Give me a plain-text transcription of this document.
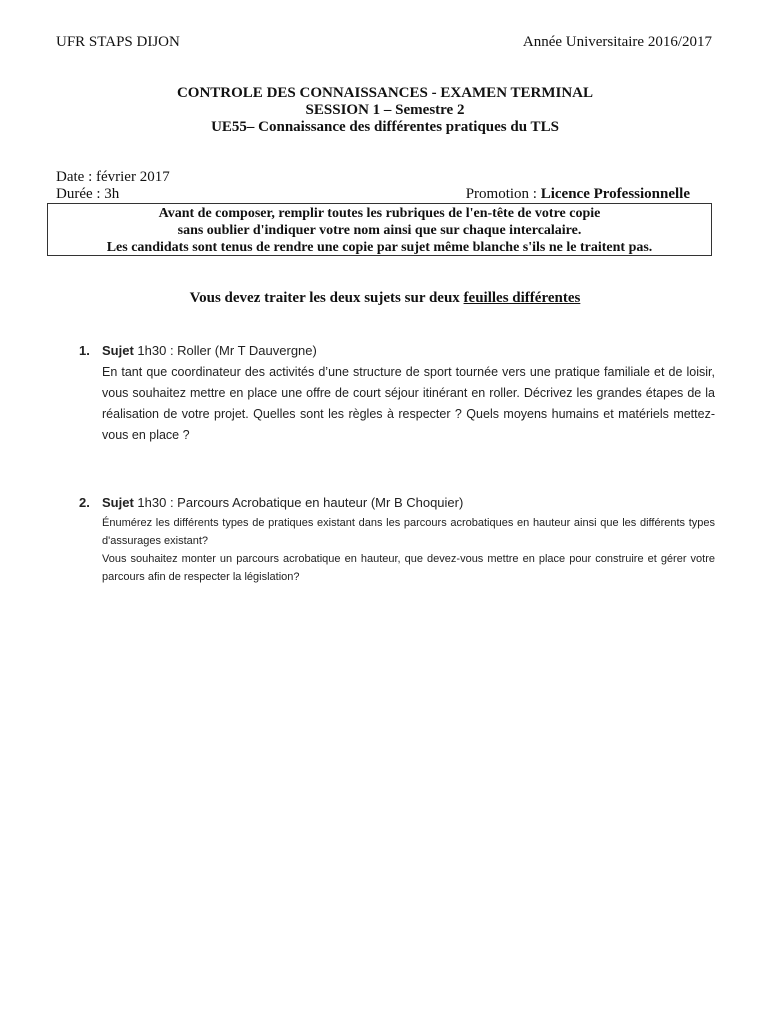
UFR STAPS DIJON	Année Universitaire 2016/2017
CONTROLE DES CONNAISSANCES - EXAMEN TERMINAL
SESSION 1 – Semestre 2
UE55– Connaissance des différentes pratiques du TLS
Date : février 2017
Durée : 3h	Promotion : Licence Professionnelle
Avant de composer, remplir toutes les rubriques de l'en-tête de votre copie
sans oublier d'indiquer votre nom ainsi que sur chaque intercalaire.
Les candidats sont tenus de rendre une copie par sujet même blanche s'ils ne le traitent pas.
Vous devez traiter les deux sujets sur deux feuilles différentes
1. Sujet 1h30 : Roller (Mr T Dauvergne)

En tant que coordinateur des activités d’une structure de sport tournée vers une pratique familiale et de loisir, vous souhaitez mettre en place une offre de court séjour itinérant en roller. Décrivez les grandes étapes de la réalisation de votre projet. Quelles sont les règles à respecter ? Quels moyens humains et matériels mettez-vous en place ?

2. Sujet 1h30 : Parcours Acrobatique en hauteur (Mr B Choquier)

Énumérez les différents types de pratiques existant dans les parcours acrobatiques en hauteur ainsi que les différents types d'assurages existant?

Vous souhaitez monter un parcours acrobatique en hauteur, que devez-vous mettre en place pour construire et gérer votre parcours afin de respecter la législation?
